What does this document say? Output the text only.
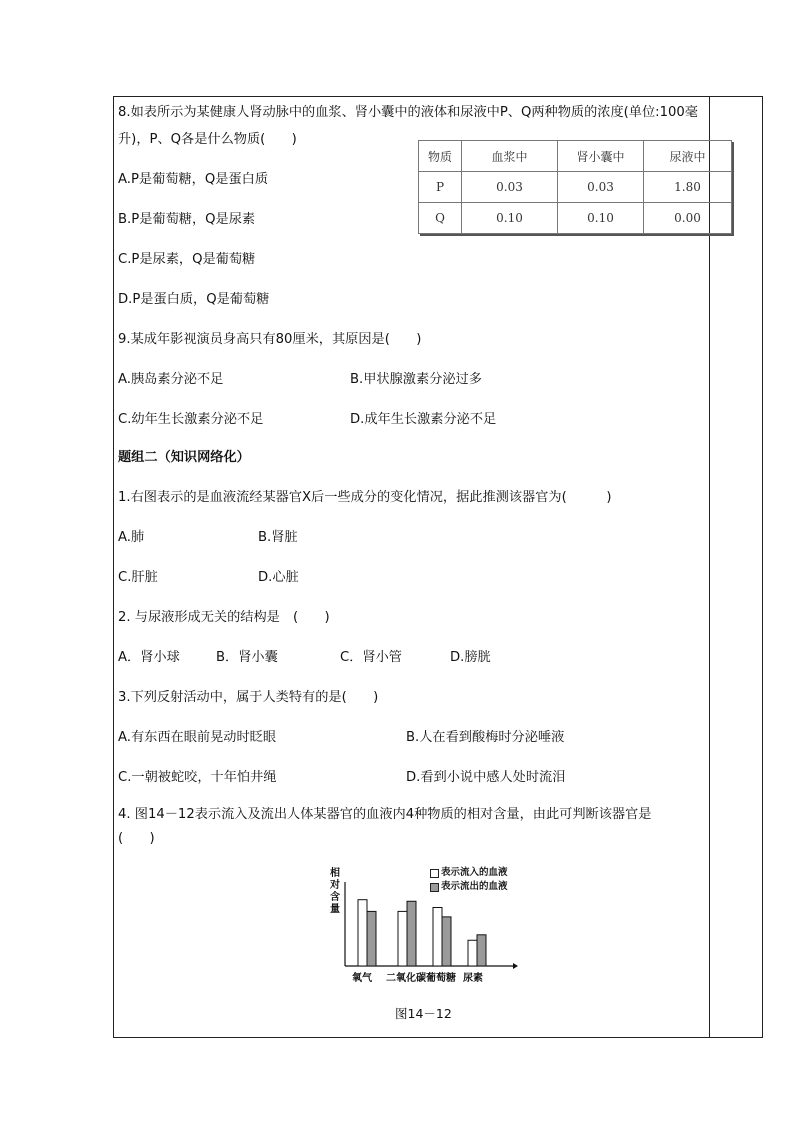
8.如表所示为某健康人肾动脉中的血浆、肾小囊中的液体和尿液中P、Q两种物质的浓度(单位:100毫
升)，P、Q各是什么物质(　　)
物质	血浆中	肾小囊中	尿液中
P	0.03	0.03	1.80
Q	0.10	0.10	0.00
A.P是葡萄糖，Q是蛋白质
B.P是葡萄糖，Q是尿素
C.P是尿素，Q是葡萄糖
D.P是蛋白质，Q是葡萄糖
9.某成年影视演员身高只有80厘米，其原因是(　　)
A.胰岛素分泌不足	B.甲状腺激素分泌过多
C.幼年生长激素分泌不足	D.成年生长激素分泌不足
题组二（知识网络化）
1.右图表示的是血液流经某器官X后一些成分的变化情况，据此推测该器官为(　　　)
A.肺	B.肾脏
C.肝脏	D.心脏
2. 与尿液形成无关的结构是　(　　)
A．肾小球	B．肾小囊	C．肾小管	D.膀胱
3.下列反射活动中，属于人类特有的是(　　)
A.有东西在眼前晃动时眨眼	B.人在看到酸梅时分泌唾液
C.一朝被蛇咬，十年怕井绳	D.看到小说中感人处时流泪
4. 图14－12表示流入及流出人体某器官的血液内4种物质的相对含量，由此可判断该器官是
(　　)
相对含量
表示流入的血液
表示流出的血液
氧气 二氧化碳 葡萄糖 尿素
图14－12
